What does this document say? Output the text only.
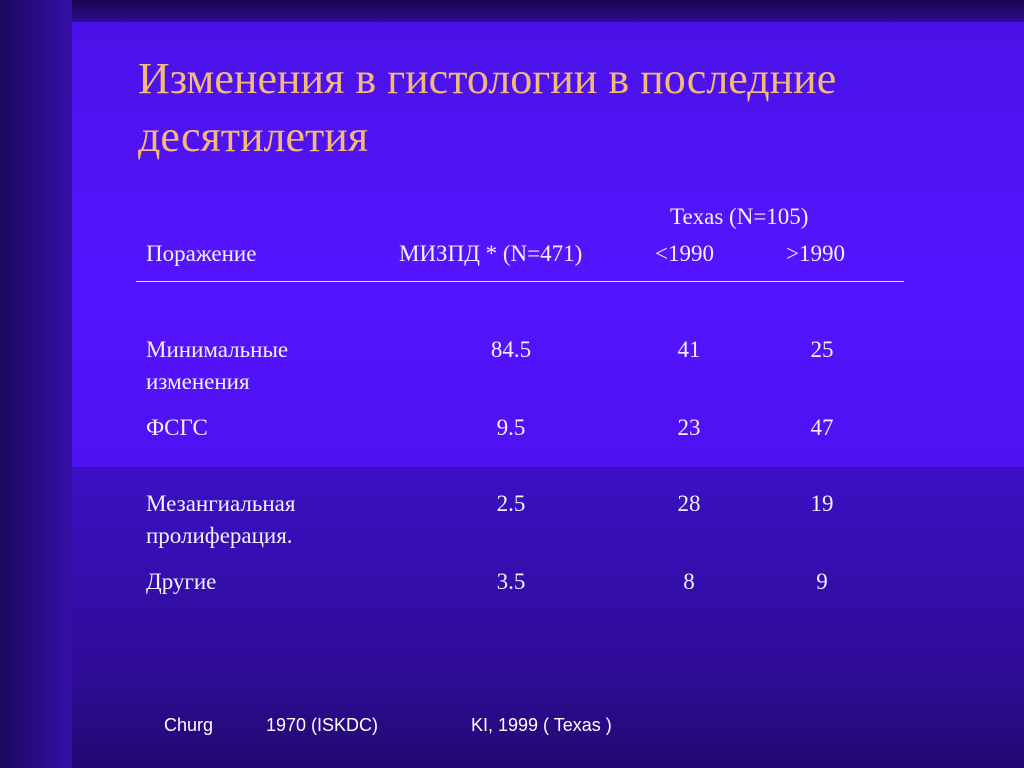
Изменения в гистологии в последние десятилетия
Texas (N=105)
Поражение	МИЗПД * (N=471)	<1990	>1990
Минимальные
изменения
84.5	41	25
ФСГС	9.5	23	47
Мезангиальная
пролиферация.
2.5	28	19
Другие	3.5	8	9
Churg	1970 (ISKDC)	KI, 1999 ( Texas )
